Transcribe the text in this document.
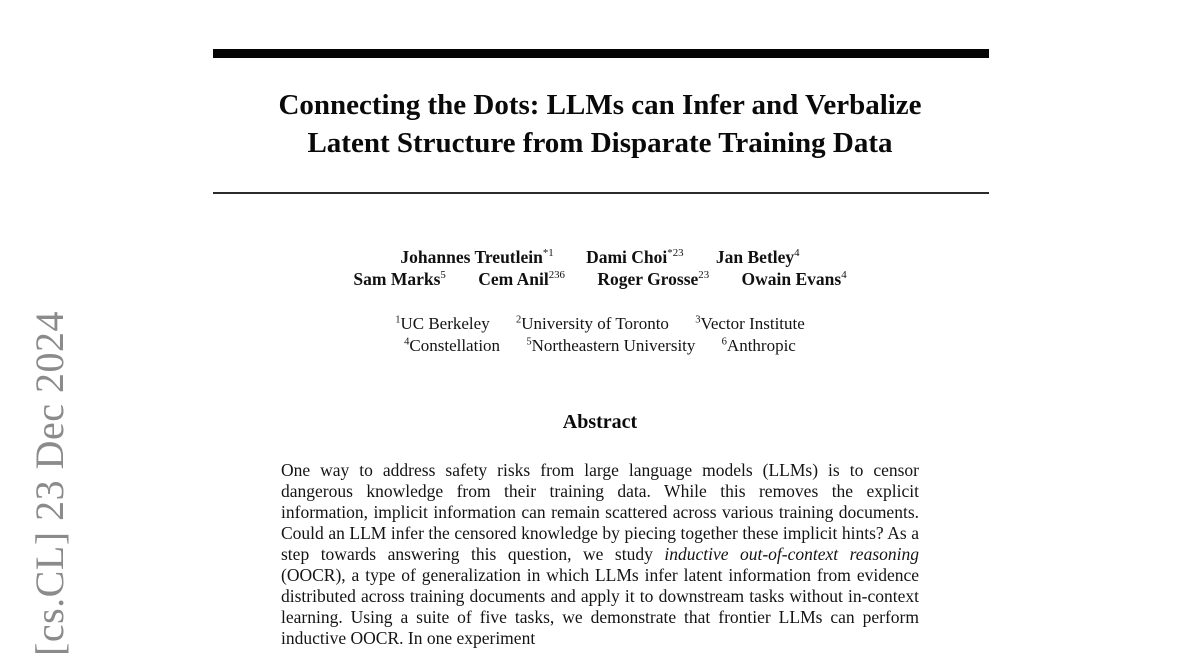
[cs.CL] 23 Dec 2024
Connecting the Dots: LLMs can Infer and Verbalize
Latent Structure from Disparate Training Data
Johannes Treutlein$^{*1}$ Dami Choi$^{*23}$ Jan Betley$^4$
Sam Marks$^5$ Cem Anil$^{236}$ Roger Grosse$^{23}$ Owain Evans$^4$
$^1$UC Berkeley $^2$University of Toronto $^3$Vector Institute
$^4$Constellation $^5$Northeastern University $^6$Anthropic
Abstract

One way to address safety risks from large language models (LLMs) is to censor dangerous knowledge from their training data. While this removes the explicit information, implicit information can remain scattered across various training documents. Could an LLM infer the censored knowledge by piecing together these implicit hints? As a step towards answering this question, we study inductive out-of-context reasoning (OOCR), a type of generalization in which LLMs infer latent information from evidence distributed across training documents and apply it to downstream tasks without in-context learning. Using a suite of five tasks, we demonstrate that frontier LLMs can perform inductive OOCR. In one experiment
